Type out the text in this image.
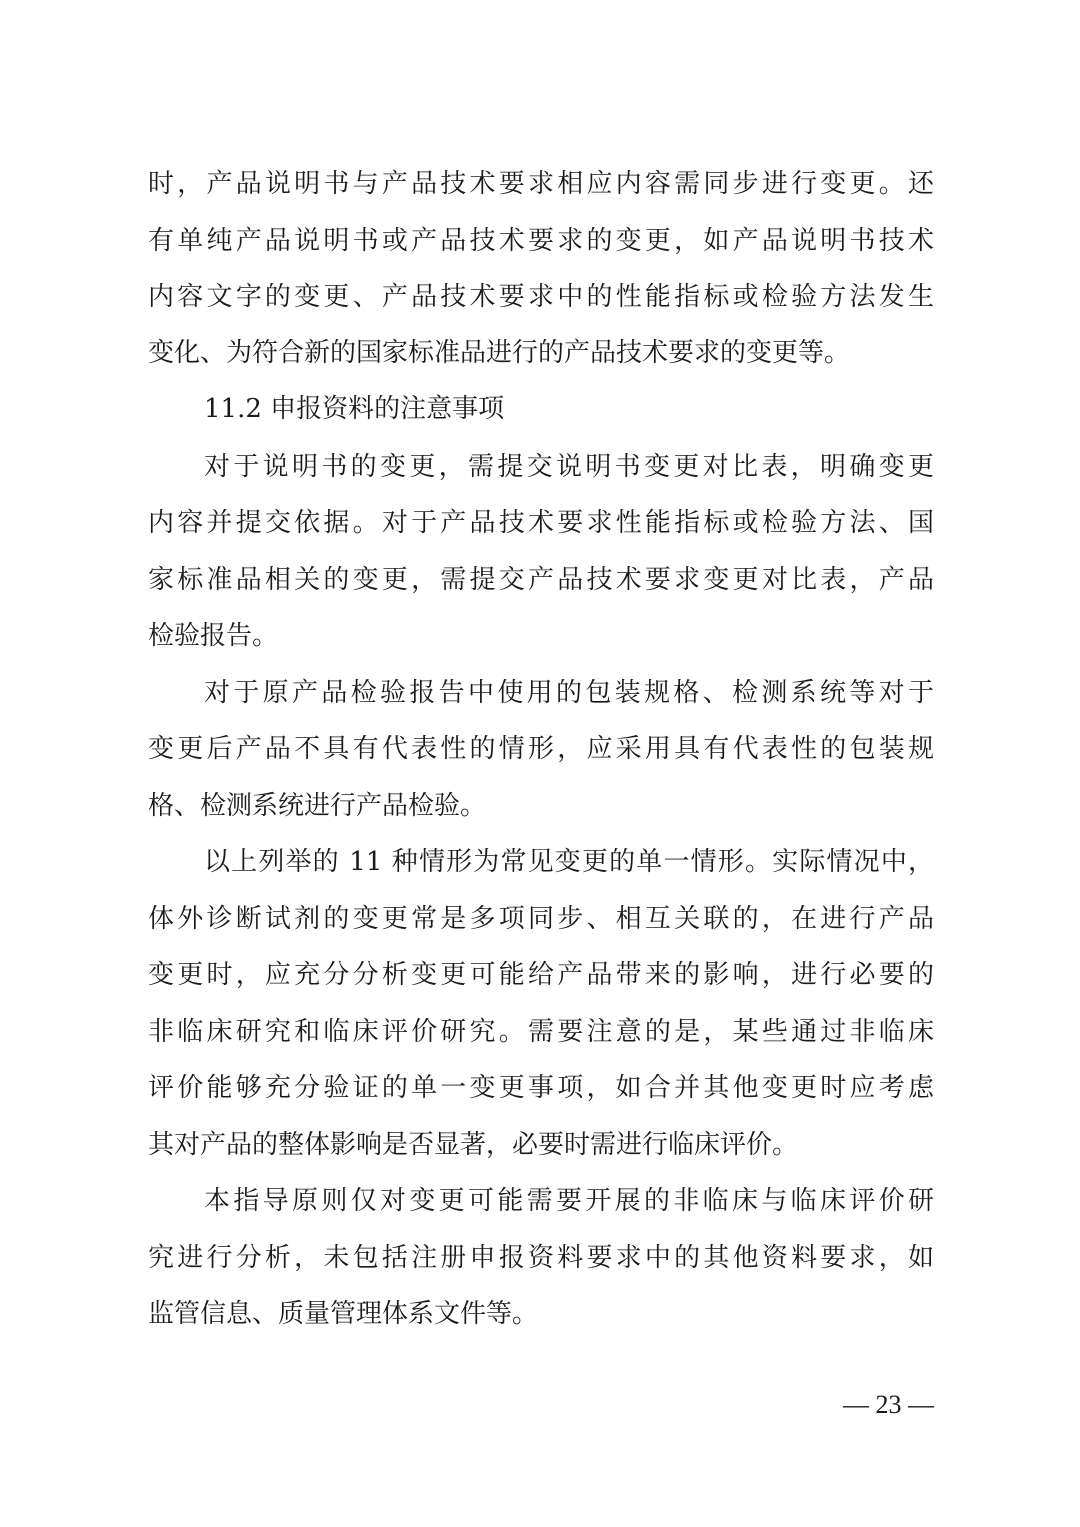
时，产品说明书与产品技术要求相应内容需同步进行变更。还
有单纯产品说明书或产品技术要求的变更，如产品说明书技术
内容文字的变更、产品技术要求中的性能指标或检验方法发生
变化、为符合新的国家标准品进行的产品技术要求的变更等。
11.2 申报资料的注意事项
对于说明书的变更，需提交说明书变更对比表，明确变更
内容并提交依据。对于产品技术要求性能指标或检验方法、国
家标准品相关的变更，需提交产品技术要求变更对比表，产品
检验报告。
对于原产品检验报告中使用的包装规格、检测系统等对于
变更后产品不具有代表性的情形，应采用具有代表性的包装规
格、检测系统进行产品检验。
以上列举的 11 种情形为常见变更的单一情形。实际情况中，
体外诊断试剂的变更常是多项同步、相互关联的，在进行产品
变更时，应充分分析变更可能给产品带来的影响，进行必要的
非临床研究和临床评价研究。需要注意的是，某些通过非临床
评价能够充分验证的单一变更事项，如合并其他变更时应考虑
其对产品的整体影响是否显著，必要时需进行临床评价。
本指导原则仅对变更可能需要开展的非临床与临床评价研
究进行分析，未包括注册申报资料要求中的其他资料要求，如
监管信息、质量管理体系文件等。
— 23 —
